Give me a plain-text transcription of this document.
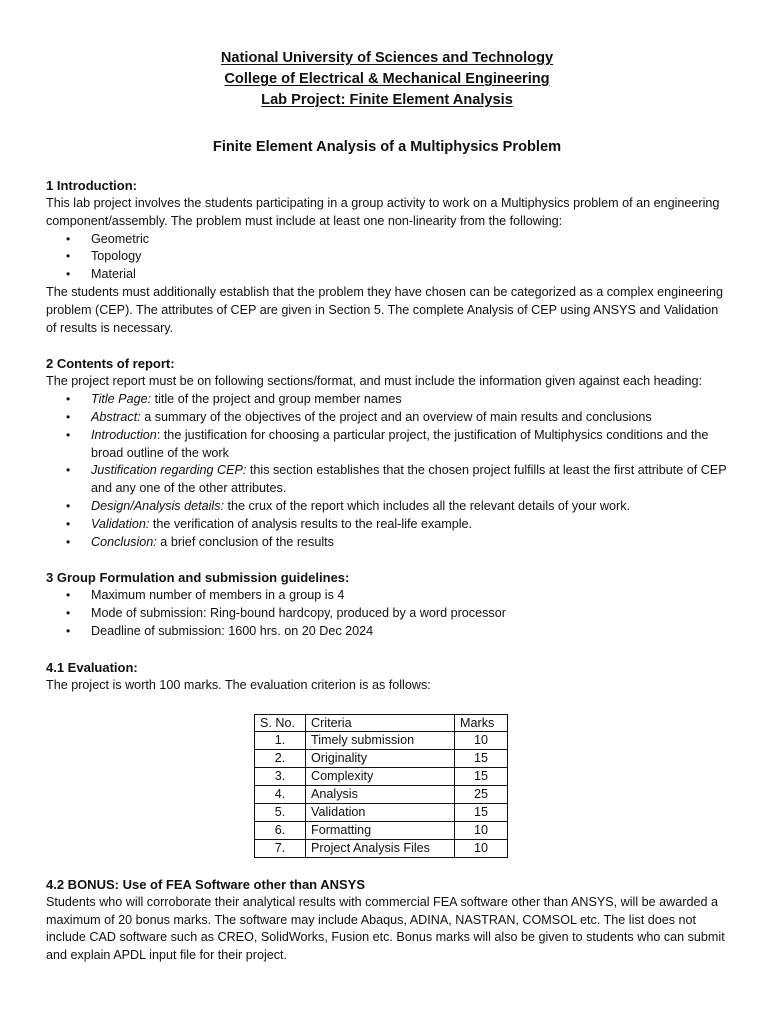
National University of Sciences and Technology
College of Electrical & Mechanical Engineering
Lab Project: Finite Element Analysis
Finite Element Analysis of a Multiphysics Problem
1 Introduction:

This lab project involves the students participating in a group activity to work on a Multiphysics problem of an engineering component/assembly. The problem must include at least one non-linearity from the following:

• Geometric
• Topology
• Material

The students must additionally establish that the problem they have chosen can be categorized as a complex engineering problem (CEP). The attributes of CEP are given in Section 5. The complete Analysis of CEP using ANSYS and Validation of results is necessary.

2 Contents of report:

The project report must be on following sections/format, and must include the information given against each heading:

• Title Page: title of the project and group member names
• Abstract: a summary of the objectives of the project and an overview of main results and conclusions
• Introduction: the justification for choosing a particular project, the justification of Multiphysics conditions and the broad outline of the work
• Justification regarding CEP: this section establishes that the chosen project fulfills at least the first attribute of CEP and any one of the other attributes.
• Design/Analysis details: the crux of the report which includes all the relevant details of your work.
• Validation: the verification of analysis results to the real-life example.
• Conclusion: a brief conclusion of the results
3 Group Formulation and submission guidelines:
• Maximum number of members in a group is 4
• Mode of submission: Ring-bound hardcopy, produced by a word processor
• Deadline of submission: 1600 hrs. on 20 Dec 2024
4.1 Evaluation:

The project is worth 100 marks. The evaluation criterion is as follows:

S. No.	Criteria	Marks
1.	Timely submission	10
2.	Originality	15
3.	Complexity	15
4.	Analysis	25
5.	Validation	15
6.	Formatting	10
7.	Project Analysis Files	10
4.2 BONUS: Use of FEA Software other than ANSYS

Students who will corroborate their analytical results with commercial FEA software other than ANSYS, will be awarded a maximum of 20 bonus marks. The software may include Abaqus, ADINA, NASTRAN, COMSOL etc. The list does not include CAD software such as CREO, SolidWorks, Fusion etc. Bonus marks will also be given to students who can submit and explain APDL input file for their project.
